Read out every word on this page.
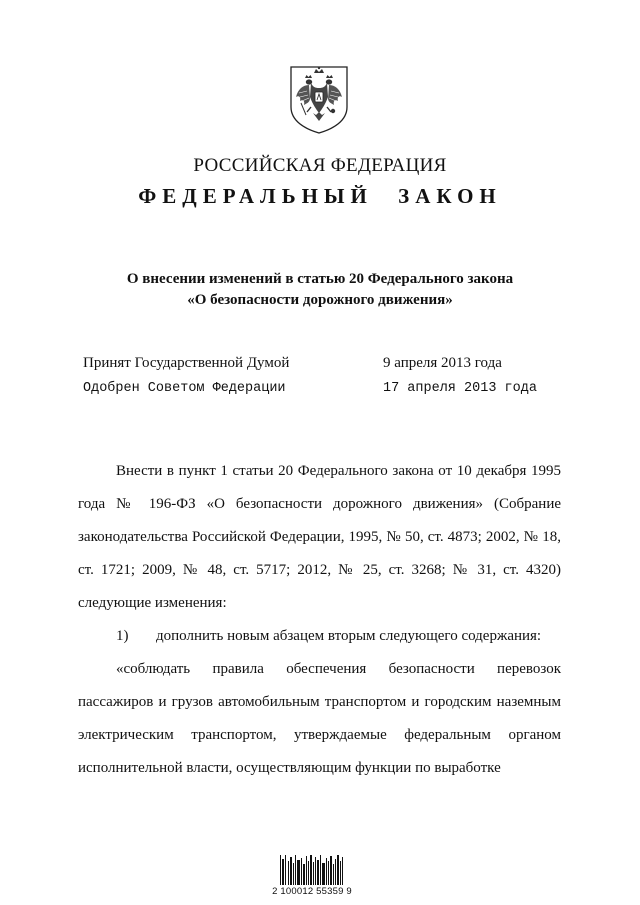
РОССИЙСКАЯ ФЕДЕРАЦИЯ
ФЕДЕРАЛЬНЫЙ ЗАКОН
О внесении изменений в статью 20 Федерального закона
«О безопасности дорожного движения»
Принят Государственной Думой	9 апреля 2013 года
Одобрен Советом Федерации	17 апреля 2013 года

Внести в пункт 1 статьи 20 Федерального закона от 10 декабря 1995 года № 196-ФЗ «О безопасности дорожного движения» (Собрание законодательства Российской Федерации, 1995, № 50, ст. 4873; 2002, № 18, ст. 1721; 2009, № 48, ст. 5717; 2012, № 25, ст. 3268; № 31, ст. 4320) следующие изменения:

1) дополнить новым абзацем вторым следующего содержания:

«соблюдать правила обеспечения безопасности перевозок пассажиров и грузов автомобильным транспортом и городским наземным электрическим транспортом, утверждаемые федеральным органом исполнительной власти, осуществляющим функции по выработке

2 100012 55359 9
